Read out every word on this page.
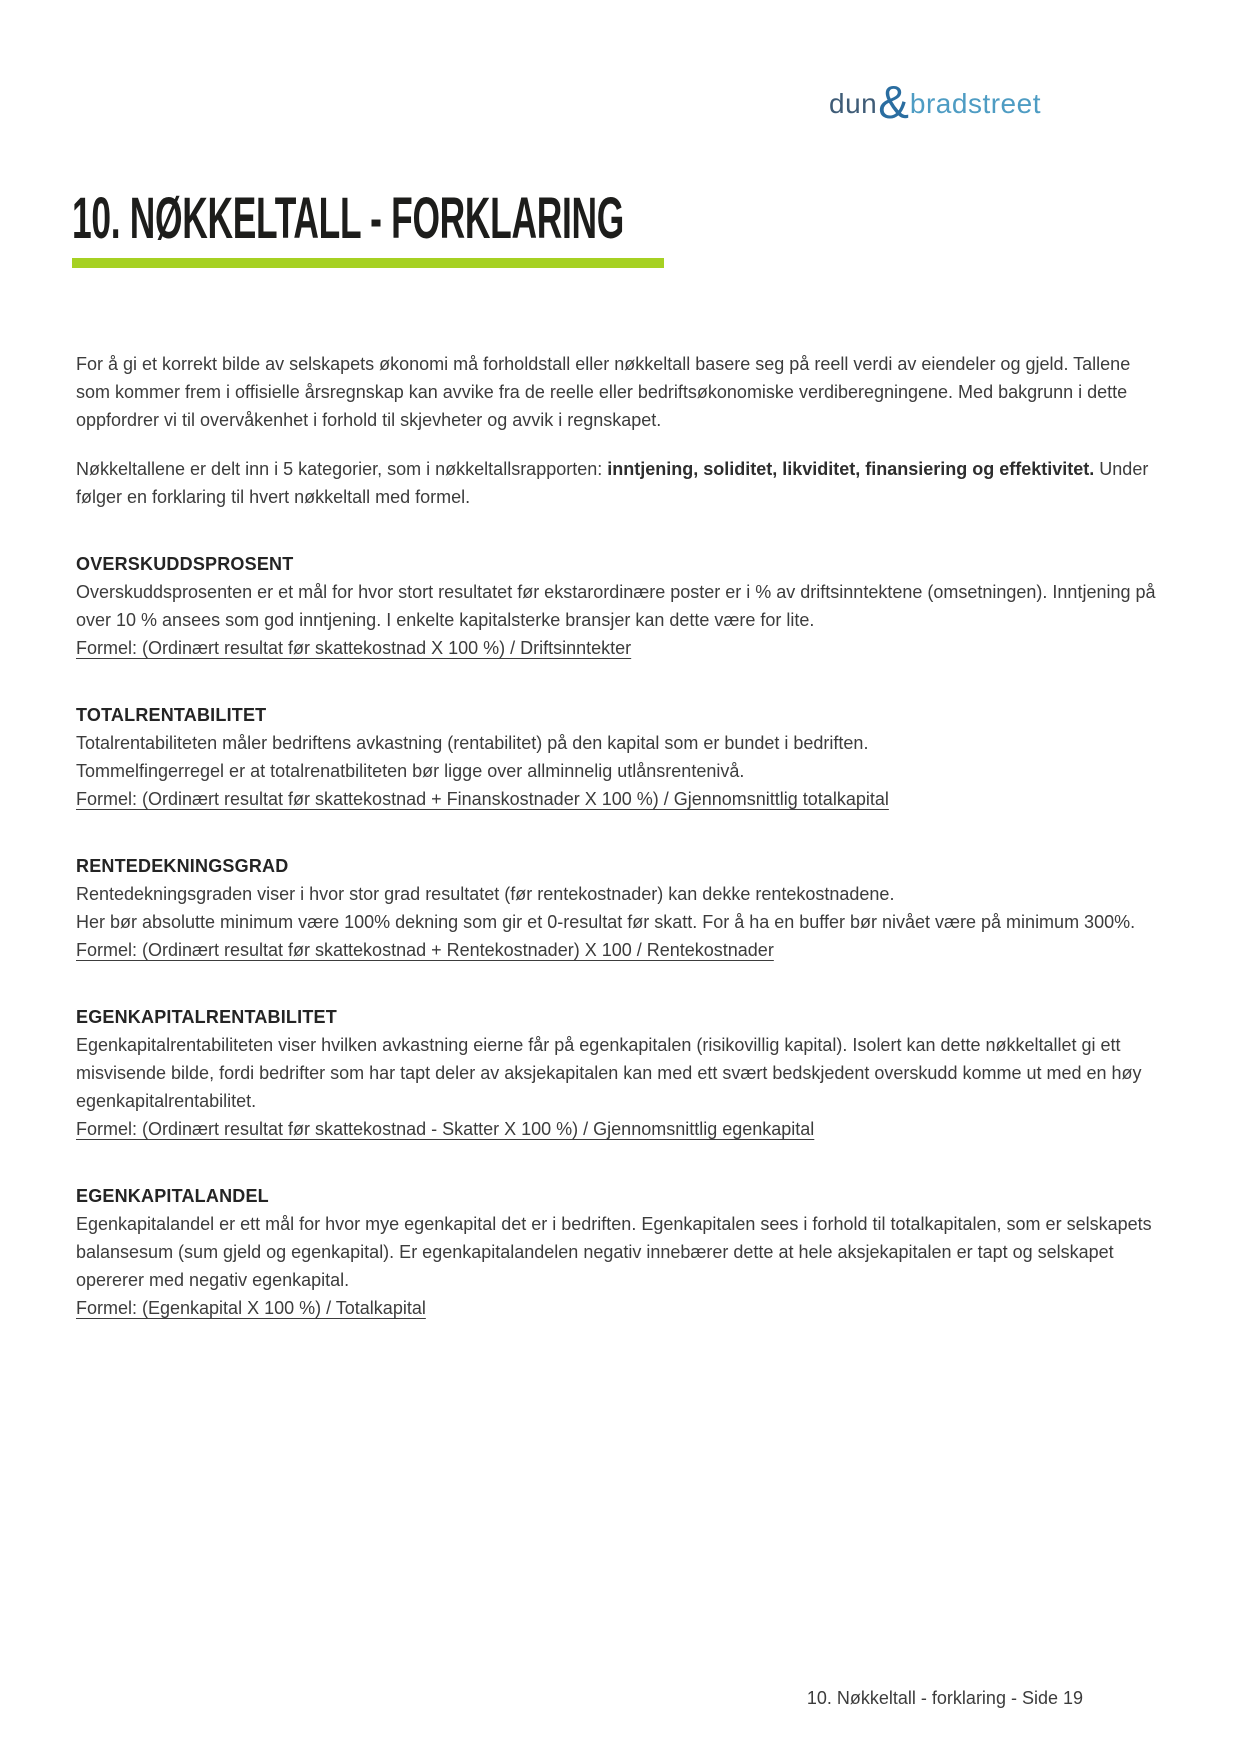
dun & bradstreet
10. NØKKELTALL - FORKLARING

For å gi et korrekt bilde av selskapets økonomi må forholdstall eller nøkkeltall basere seg på reell verdi av eiendeler og gjeld. Tallene som kommer frem i offisielle årsregnskap kan avvike fra de reelle eller bedriftsøkonomiske verdiberegningene. Med bakgrunn i dette oppfordrer vi til overvåkenhet i forhold til skjevheter og avvik i regnskapet.

Nøkkeltallene er delt inn i 5 kategorier, som i nøkkeltallsrapporten: inntjening, soliditet, likviditet, finansiering og effektivitet. Under følger en forklaring til hvert nøkkeltall med formel.

OVERSKUDDSPROSENT

Overskuddsprosenten er et mål for hvor stort resultatet før ekstarordinære poster er i % av driftsinntektene (omsetningen). Inntjening på over 10 % ansees som god inntjening. I enkelte kapitalsterke bransjer kan dette være for lite.

Formel: (Ordinært resultat før skattekostnad X 100 %) / Driftsinntekter

TOTALRENTABILITET

Totalrentabiliteten måler bedriftens avkastning (rentabilitet) på den kapital som er bundet i bedriften.

Tommelfingerregel er at totalrenatbiliteten bør ligge over allminnelig utlånsrentenivå.

Formel: (Ordinært resultat før skattekostnad + Finanskostnader X 100 %) / Gjennomsnittlig totalkapital

RENTEDEKNINGSGRAD

Rentedekningsgraden viser i hvor stor grad resultatet (før rentekostnader) kan dekke rentekostnadene.

Her bør absolutte minimum være 100% dekning som gir et 0-resultat før skatt. For å ha en buffer bør nivået være på minimum 300%.

Formel: (Ordinært resultat før skattekostnad + Rentekostnader) X 100 / Rentekostnader

EGENKAPITALRENTABILITET

Egenkapitalrentabiliteten viser hvilken avkastning eierne får på egenkapitalen (risikovillig kapital). Isolert kan dette nøkkeltallet gi ett misvisende bilde, fordi bedrifter som har tapt deler av aksjekapitalen kan med ett svært bedskjedent overskudd komme ut med en høy egenkapitalrentabilitet.

Formel: (Ordinært resultat før skattekostnad - Skatter X 100 %) / Gjennomsnittlig egenkapital

EGENKAPITALANDEL

Egenkapitalandel er ett mål for hvor mye egenkapital det er i bedriften. Egenkapitalen sees i forhold til totalkapitalen, som er selskapets balansesum (sum gjeld og egenkapital). Er egenkapitalandelen negativ innebærer dette at hele aksjekapitalen er tapt og selskapet opererer med negativ egenkapital.

Formel: (Egenkapital X 100 %) / Totalkapital

10. Nøkkeltall - forklaring - Side 19
